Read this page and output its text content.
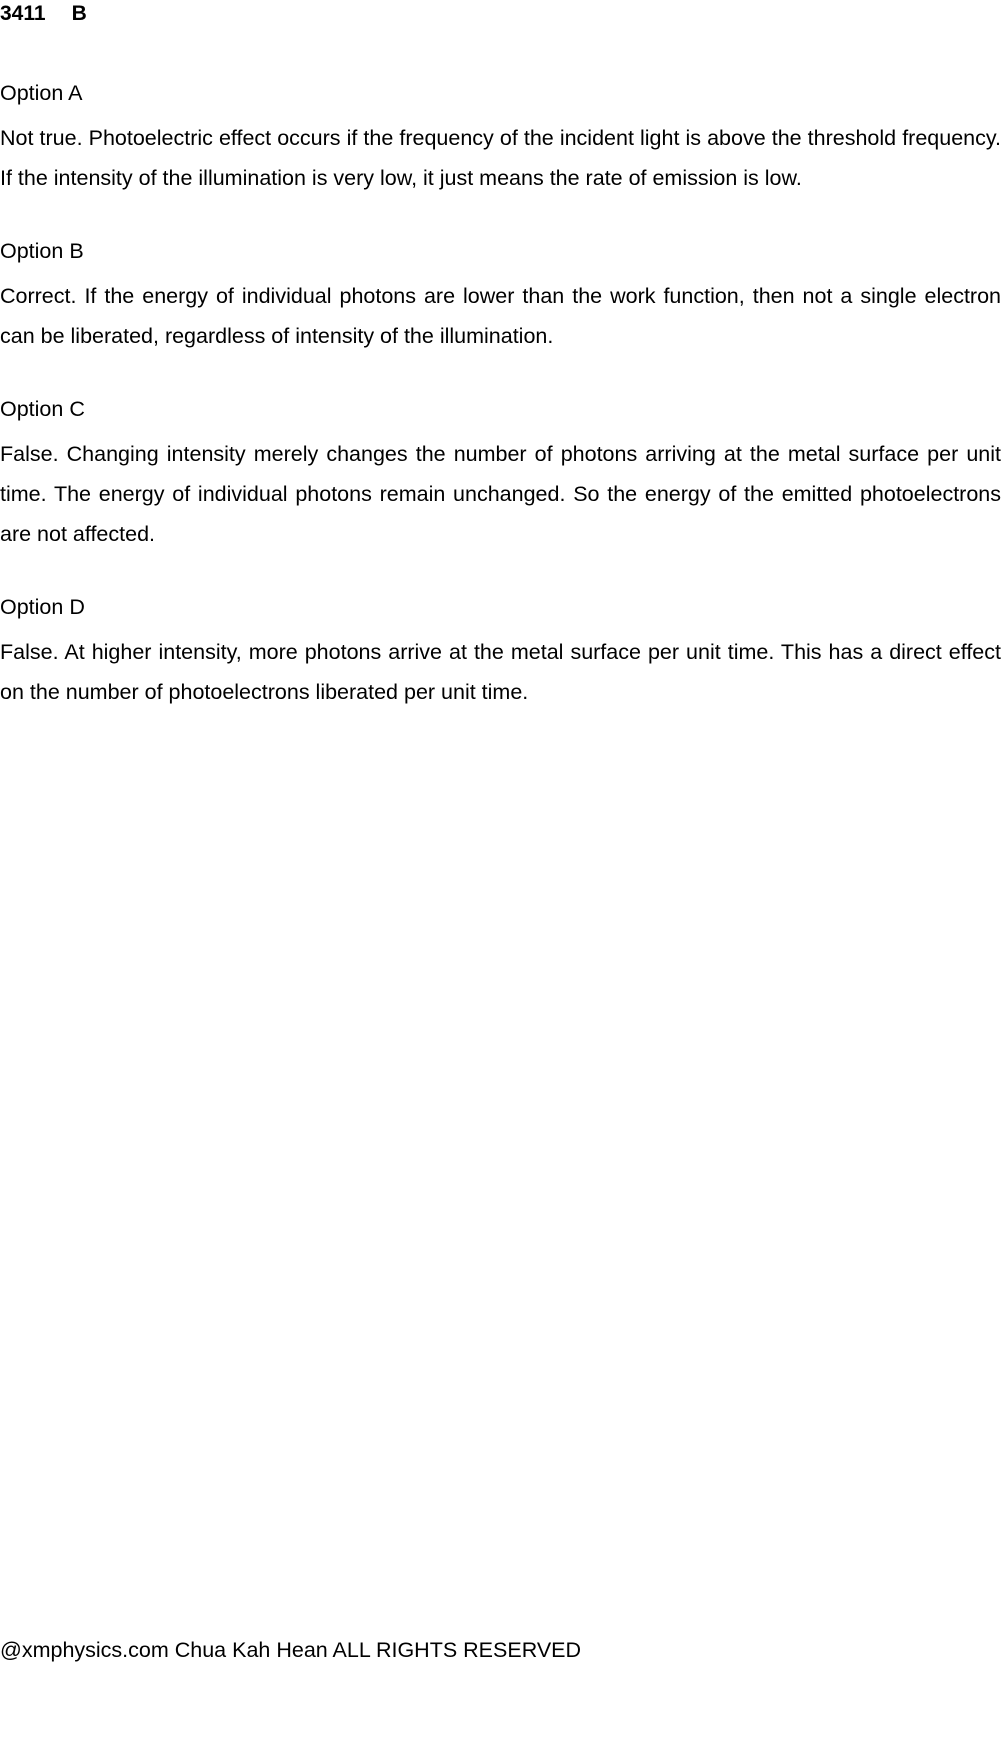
3411 B

Option A

Not true. Photoelectric effect occurs if the frequency of the incident light is above the threshold frequency. If the intensity of the illumination is very low, it just means the rate of emission is low.

Option B

Correct. If the energy of individual photons are lower than the work function, then not a single electron can be liberated, regardless of intensity of the illumination.

Option C

False. Changing intensity merely changes the number of photons arriving at the metal surface per unit time. The energy of individual photons remain unchanged. So the energy of the emitted photoelectrons are not affected.

Option D

False. At higher intensity, more photons arrive at the metal surface per unit time. This has a direct effect on the number of photoelectrons liberated per unit time.

@xmphysics.com Chua Kah Hean ALL RIGHTS RESERVED
